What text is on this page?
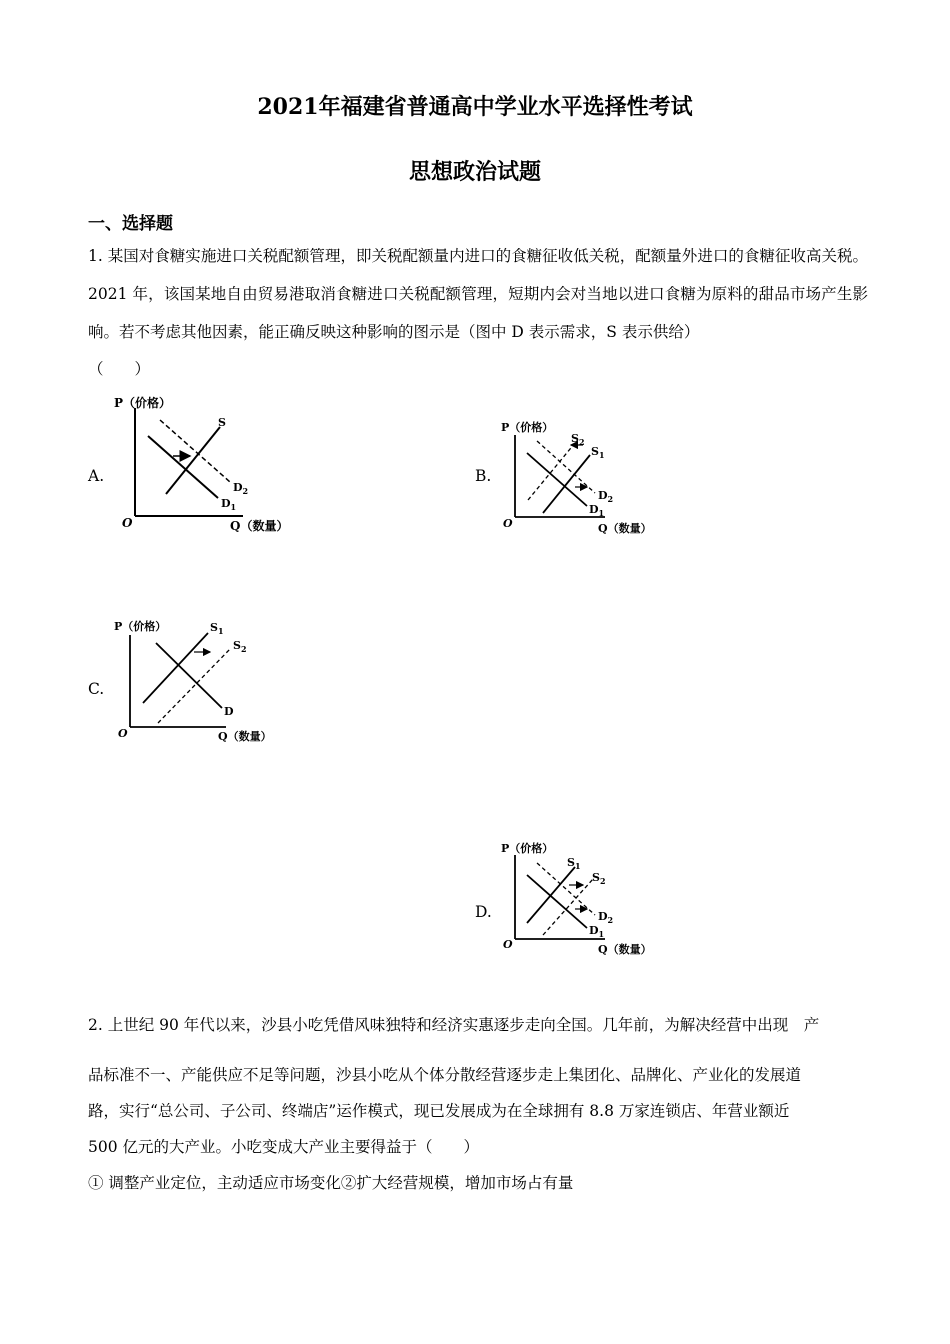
2021年福建省普通高中学业水平选择性考试
思想政治试题
一、选择题
1. 某国对食糖实施进口关税配额管理，即关税配额量内进口的食糖征收低关税，配额量外进口的食糖征收高关税。2021 年，该国某地自由贸易港取消食糖进口关税配额管理，短期内会对当地以进口食糖为原料的甜品市场产生影响。若不考虑其他因素，能正确反映这种影响的图示是（图中 D 表示需求，S 表示供给）
（　　）
A.
P（价格）
Q（数量）
O
S
$D_2$
$D_1$
B.
P（价格）
Q（数量）
O
$S_2$
$S_1$
$D_2$
$D_1$
C.
P（价格）
Q（数量）
O
$S_1$
$S_2$
D
D.
P（价格）
Q（数量）
O
$S_1$
$S_2$
$D_2$
$D_1$
2. 上世纪 90 年代以来，沙县小吃凭借风味独特和经济实惠逐步走向全国。几年前，为解决经营中出现　产
品标准不一、产能供应不足等问题，沙县小吃从个体分散经营逐步走上集团化、品牌化、产业化的发展道
路，实行“总公司、子公司、终端店”运作模式，现已发展成为在全球拥有 8.8 万家连锁店、年营业额近
500 亿元的大产业。小吃变成大产业主要得益于（　　）
① 调整产业定位，主动适应市场变化②扩大经营规模，增加市场占有量
